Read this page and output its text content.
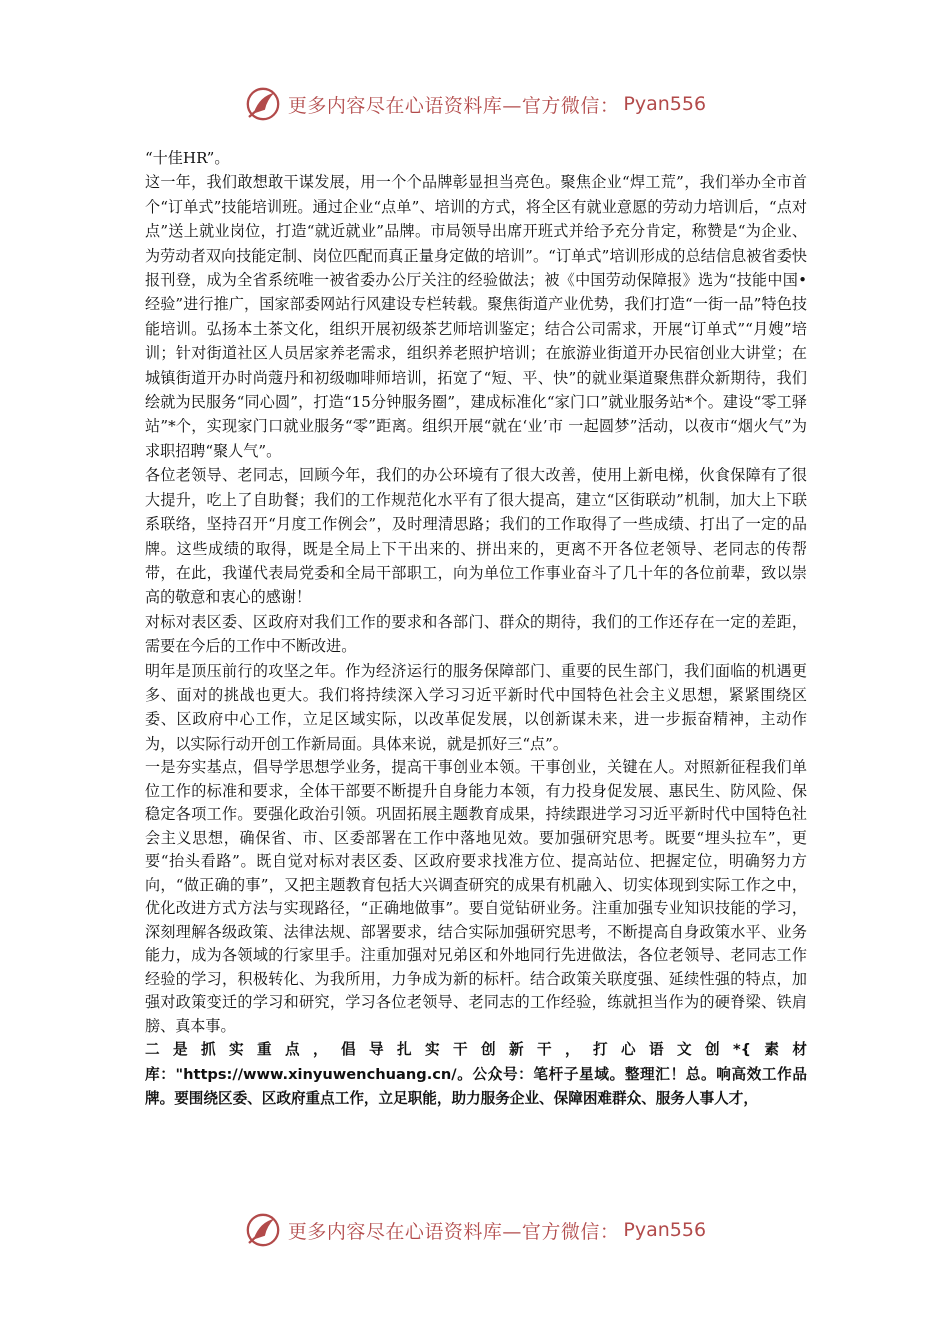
更多内容尽在心语资料库—官方微信： Pyan556

“十佳HR”。

这一年，我们敢想敢干谋发展，用一个个品牌彰显担当亮色。聚焦企业“焊工荒”，我们举办全市首个“订单式”技能培训班。通过企业“点单”、培训的方式，将全区有就业意愿的劳动力培训后，“点对点”送上就业岗位，打造“就近就业”品牌。市局领导出席开班式并给予充分肯定，称赞是“为企业、为劳动者双向技能定制、岗位匹配而真正量身定做的培训”。“订单式”培训形成的总结信息被省委快报刊登，成为全省系统唯一被省委办公厅关注的经验做法；被《中国劳动保障报》选为“技能中国•经验”进行推广，国家部委网站行风建设专栏转载。聚焦街道产业优势，我们打造“一街一品”特色技能培训。弘扬本土茶文化，组织开展初级茶艺师培训鉴定；结合公司需求，开展“订单式”“月嫂”培训；针对街道社区人员居家养老需求，组织养老照护培训；在旅游业街道开办民宿创业大讲堂；在城镇街道开办时尚蔻丹和初级咖啡师培训，拓宽了“短、平、快”的就业渠道聚焦群众新期待，我们绘就为民服务“同心圆”，打造“15分钟服务圈”，建成标准化“家门口”就业服务站*个。建设“零工驿站”*个，实现家门口就业服务“零”距离。组织开展“就在‘业’市 一起圆梦”活动，以夜市“烟火气”为求职招聘“聚人气”。

各位老领导、老同志，回顾今年，我们的办公环境有了很大改善，使用上新电梯，伙食保障有了很大提升，吃上了自助餐；我们的工作规范化水平有了很大提高，建立“区街联动”机制，加大上下联系联络，坚持召开“月度工作例会”，及时理清思路；我们的工作取得了一些成绩、打出了一定的品牌。这些成绩的取得，既是全局上下干出来的、拼出来的，更离不开各位老领导、老同志的传帮带，在此，我谨代表局党委和全局干部职工，向为单位工作事业奋斗了几十年的各位前辈，致以崇高的敬意和衷心的感谢！

对标对表区委、区政府对我们工作的要求和各部门、群众的期待，我们的工作还存在一定的差距，需要在今后的工作中不断改进。

明年是顶压前行的攻坚之年。作为经济运行的服务保障部门、重要的民生部门，我们面临的机遇更多、面对的挑战也更大。我们将持续深入学习习近平新时代中国特色社会主义思想，紧紧围绕区委、区政府中心工作，立足区域实际，以改革促发展，以创新谋未来，进一步振奋精神，主动作为，以实际行动开创工作新局面。具体来说，就是抓好三“点”。

一是夯实基点，倡导学思想学业务，提高干事创业本领。干事创业，关键在人。对照新征程我们单位工作的标准和要求，全体干部要不断提升自身能力本领，有力投身促发展、惠民生、防风险、保稳定各项工作。要强化政治引领。巩固拓展主题教育成果，持续跟进学习习近平新时代中国特色社会主义思想，确保省、市、区委部署在工作中落地见效。要加强研究思考。既要“埋头拉车”，更要“抬头看路”。既自觉对标对表区委、区政府要求找准方位、提高站位、把握定位，明确努力方向，“做正确的事”，又把主题教育包括大兴调查研究的成果有机融入、切实体现到实际工作之中，优化改进方式方法与实现路径，“正确地做事”。要自觉钻研业务。注重加强专业知识技能的学习，深刻理解各级政策、法律法规、部署要求，结合实际加强研究思考，不断提高自身政策水平、业务能力，成为各领域的行家里手。注重加强对兄弟区和外地同行先进做法，各位老领导、老同志工作经验的学习，积极转化、为我所用，力争成为新的标杆。结合政策关联度强、延续性强的特点，加强对政策变迁的学习和研究，学习各位老领导、老同志的工作经验，练就担当作为的硬脊梁、铁肩膀、真本事。

二是抓实重点，倡导扎实干创新干，打心语文创*{素材库："https://www.xinyuwenchuang.cn/。公众号：笔杆子星域。整理汇！总。响高效工作品牌。要围绕区委、区政府重点工作，立足职能，助力服务企业、保障困难群众、服务人事人才，

更多内容尽在心语资料库—官方微信： Pyan556
